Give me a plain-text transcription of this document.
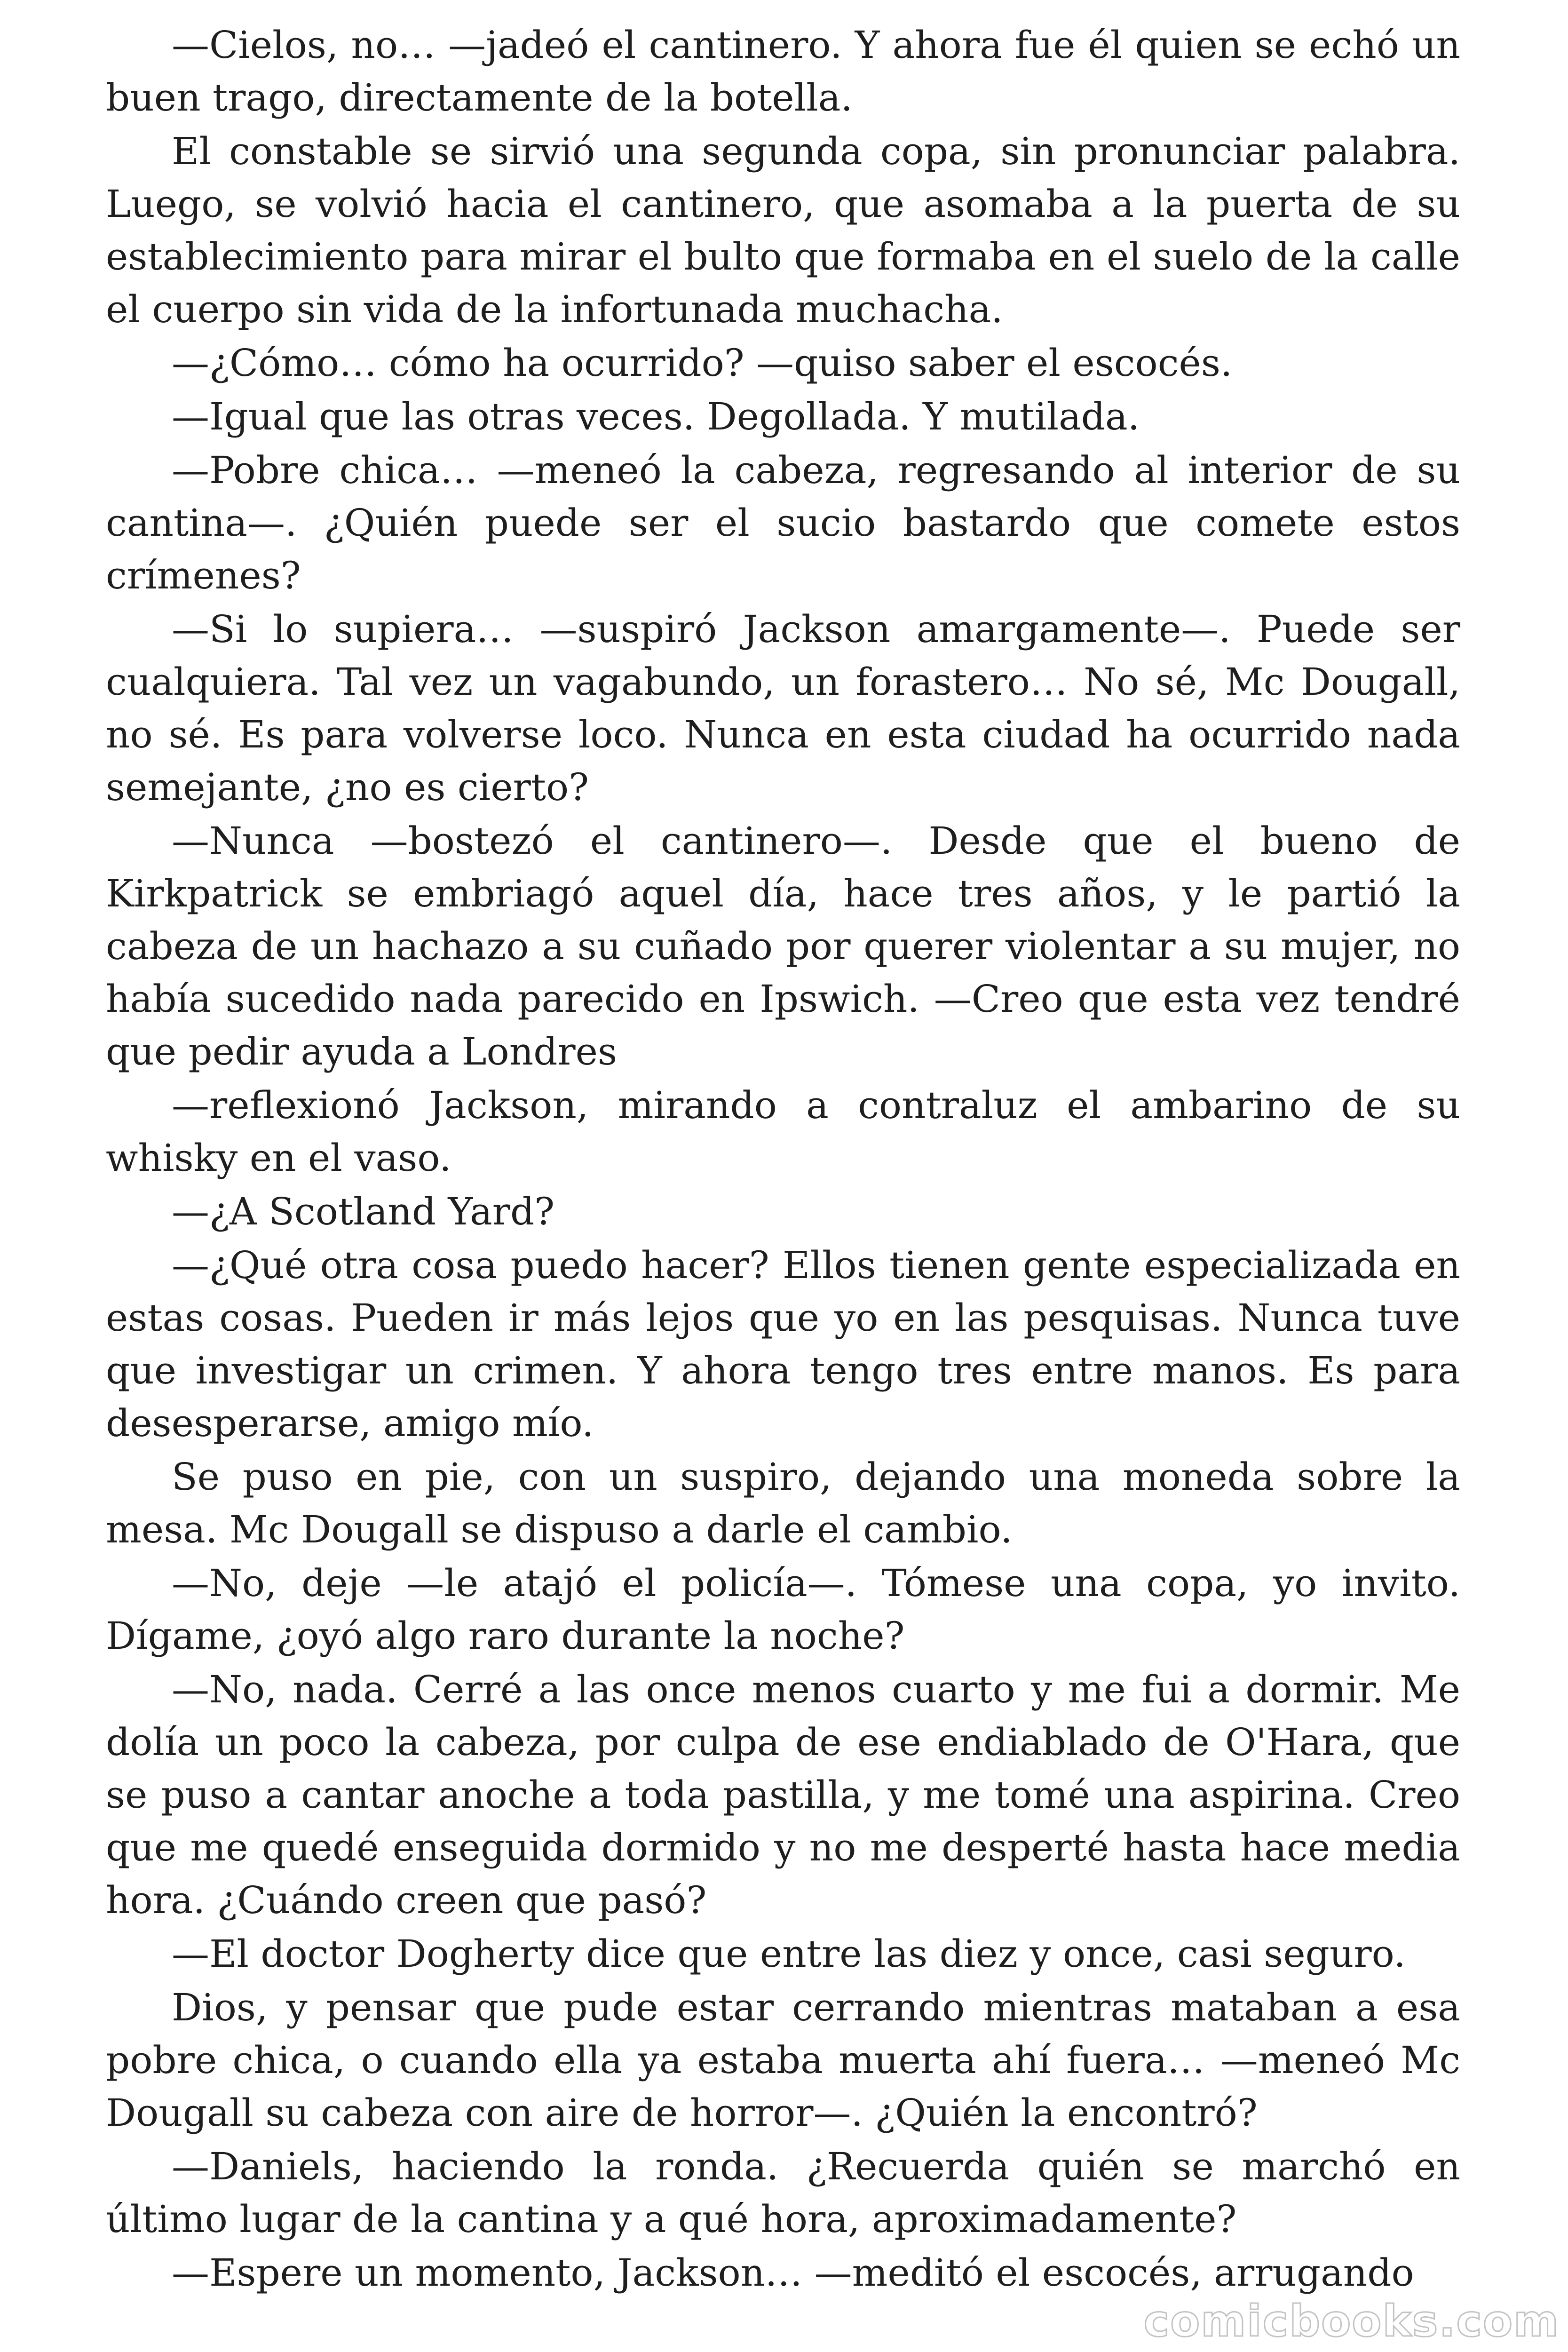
—Cielos, no… —jadeó el cantinero. Y ahora fue él quien se echó un buen trago, directamente de la botella.

El constable se sirvió una segunda copa, sin pronunciar palabra. Luego, se volvió hacia el cantinero, que asomaba a la puerta de su establecimiento para mirar el bulto que formaba en el suelo de la calle el cuerpo sin vida de la infortunada muchacha.

—¿Cómo… cómo ha ocurrido? —quiso saber el escocés.

—Igual que las otras veces. Degollada. Y mutilada.

—Pobre chica… —meneó la cabeza, regresando al interior de su cantina—. ¿Quién puede ser el sucio bastardo que comete estos crímenes?

—Si lo supiera… —suspiró Jackson amargamente—. Puede ser cualquiera. Tal vez un vagabundo, un forastero… No sé, Mc Dougall, no sé. Es para volverse loco. Nunca en esta ciudad ha ocurrido nada semejante, ¿no es cierto?

—Nunca —bostezó el cantinero—. Desde que el bueno de Kirkpatrick se embriagó aquel día, hace tres años, y le partió la cabeza de un hachazo a su cuñado por querer violentar a su mujer, no había sucedido nada parecido en Ipswich. —Creo que esta vez tendré que pedir ayuda a Londres

—reflexionó Jackson, mirando a contraluz el ambarino de su whisky en el vaso.

—¿A Scotland Yard?

—¿Qué otra cosa puedo hacer? Ellos tienen gente especializada en estas cosas. Pueden ir más lejos que yo en las pesquisas. Nunca tuve que investigar un crimen. Y ahora tengo tres entre manos. Es para desesperarse, amigo mío.

Se puso en pie, con un suspiro, dejando una moneda sobre la mesa. Mc Dougall se dispuso a darle el cambio.

—No, deje —le atajó el policía—. Tómese una copa, yo invito. Dígame, ¿oyó algo raro durante la noche?

—No, nada. Cerré a las once menos cuarto y me fui a dormir. Me dolía un poco la cabeza, por culpa de ese endiablado de O'Hara, que se puso a cantar anoche a toda pastilla, y me tomé una aspirina. Creo que me quedé enseguida dormido y no me desperté hasta hace media hora. ¿Cuándo creen que pasó?

—El doctor Dogherty dice que entre las diez y once, casi seguro.

Dios, y pensar que pude estar cerrando mientras mataban a esa pobre chica, o cuando ella ya estaba muerta ahí fuera… —meneó Mc Dougall su cabeza con aire de horror—. ¿Quién la encontró?

—Daniels, haciendo la ronda. ¿Recuerda quién se marchó en último lugar de la cantina y a qué hora, aproximadamente?

—Espere un momento, Jackson… —meditó el escocés, arrugando

comicbooks.com
